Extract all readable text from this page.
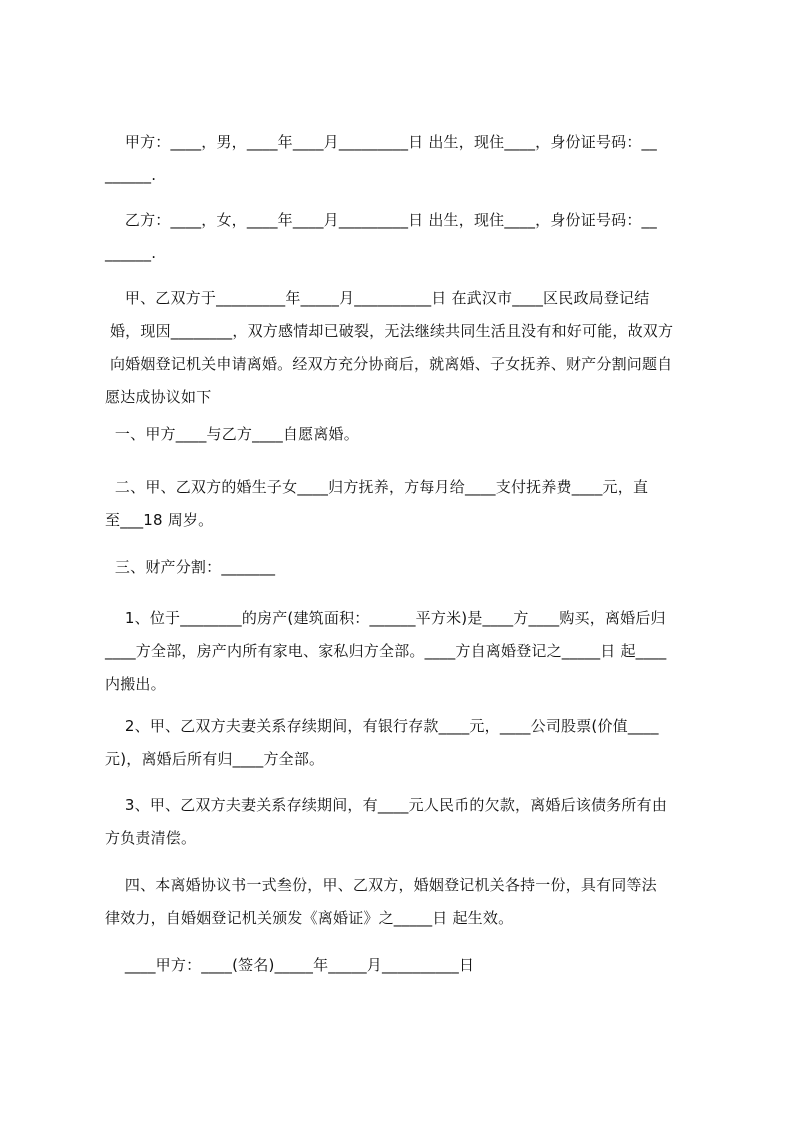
甲方：____，男，____年____月_________日 出生，现住____，身份证号码：__
______.
乙方：____，女，____年____月_________日 出生，现住____，身份证号码：__
______.
甲、乙双方于_________年_____月__________日 在武汉市____区民政局登记结
婚，现因________，双方感情却已破裂，无法继续共同生活且没有和好可能，故双方
向婚姻登记机关申请离婚。经双方充分协商后，就离婚、子女抚养、财产分割问题自
愿达成协议如下
一、甲方____与乙方____自愿离婚。
二、甲、乙双方的婚生子女____归方抚养，方每月给____支付抚养费____元，直
至___18 周岁。
三、财产分割：_______
1、位于________的房产(建筑面积：______平方米)是____方____购买，离婚后归
____方全部，房产内所有家电、家私归方全部。____方自离婚登记之_____日 起____
内搬出。
2、甲、乙双方夫妻关系存续期间，有银行存款____元，____公司股票(价值____
元)，离婚后所有归____方全部。
3、甲、乙双方夫妻关系存续期间，有____元人民币的欠款，离婚后该债务所有由
方负责清偿。
四、本离婚协议书一式叁份，甲、乙双方，婚姻登记机关各持一份，具有同等法
律效力，自婚姻登记机关颁发《离婚证》之_____日 起生效。
____甲方：____(签名)_____年_____月__________日
